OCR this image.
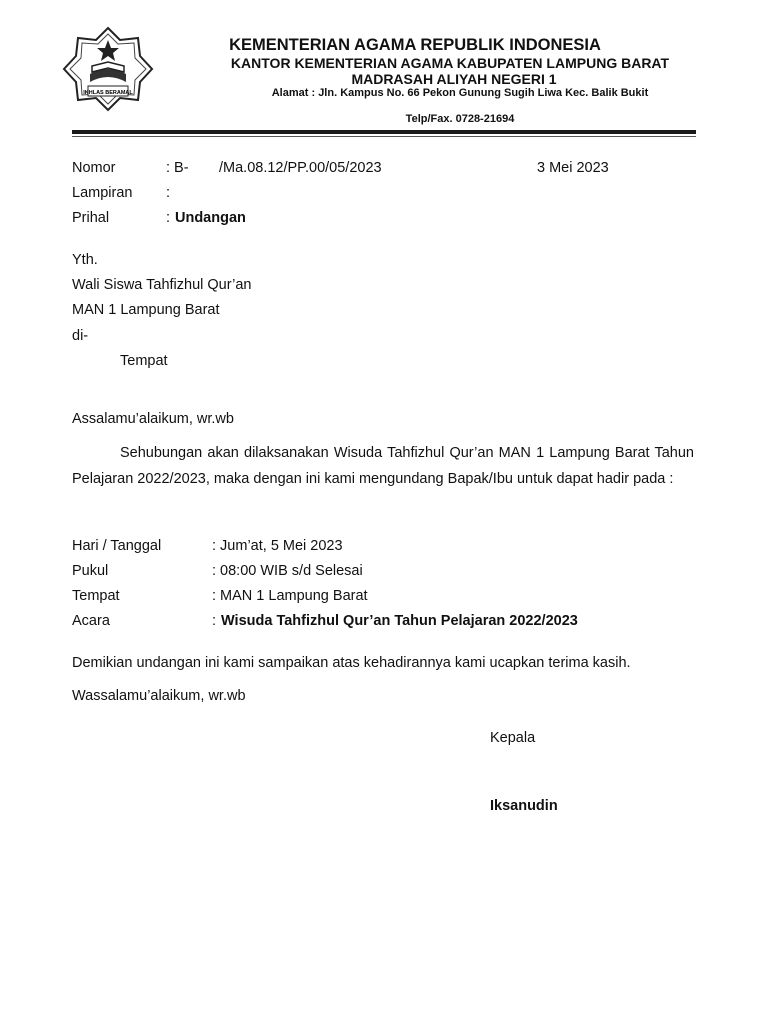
IKHLAS BERAMAL
KEMENTERIAN AGAMA REPUBLIK INDONESIA
KANTOR KEMENTERIAN AGAMA KABUPATEN LAMPUNG BARAT
MADRASAH ALIYAH NEGERI 1
Alamat : Jln. Kampus No. 66 Pekon Gunung Sugih Liwa Kec. Balik Bukit
Telp/Fax. 0728-21694
Nomor	: B- /Ma.08.12/PP.00/05/2023	3 Mei 2023
Lampiran :
Prihal	: Undangan
Yth.
Wali Siswa Tahfizhul Qur’an
MAN 1 Lampung Barat
di-
Tempat
Assalamu’alaikum, wr.wb
Sehubungan akan dilaksanakan Wisuda Tahfizhul Qur’an MAN 1 Lampung Barat Tahun Pelajaran 2022/2023, maka dengan ini kami mengundang Bapak/Ibu untuk dapat hadir pada :
Hari / Tanggal	: Jum’at, 5 Mei 2023
Pukul	: 08:00 WIB s/d Selesai
Tempat	: MAN 1 Lampung Barat
Acara	: Wisuda Tahfizhul Qur’an Tahun Pelajaran 2022/2023
Demikian undangan ini kami sampaikan atas kehadirannya kami ucapkan terima kasih.
Wassalamu’alaikum, wr.wb
Kepala
Iksanudin
